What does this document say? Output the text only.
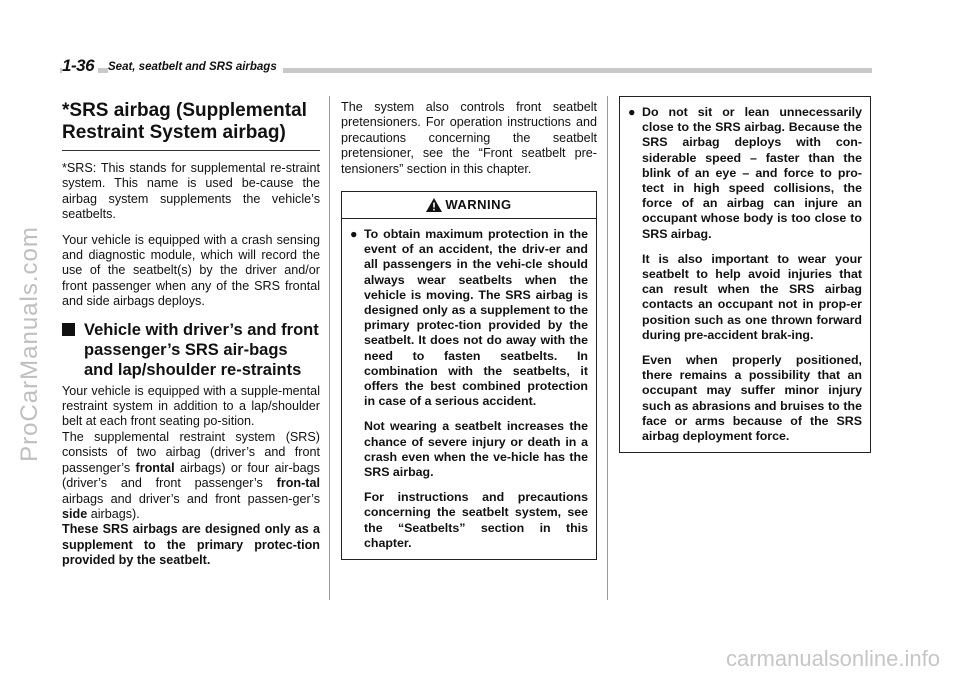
1-36	Seat, seatbelt and SRS airbags
*SRS airbag (Supplemental Restraint System airbag)

*SRS: This stands for supplemental re-straint system. This name is used be-cause the airbag system supplements the vehicle’s seatbelts.

Your vehicle is equipped with a crash sensing and diagnostic module, which will record the use of the seatbelt(s) by the driver and/or front passenger when any of the SRS frontal and side airbags deploys.

Vehicle with driver’s and front passenger’s SRS air-bags and lap/shoulder re-straints

Your vehicle is equipped with a supple-mental restraint system in addition to a lap/shoulder belt at each front seating po-sition.

The supplemental restraint system (SRS) consists of two airbag (driver’s and front passenger’s frontal airbags) or four air-bags (driver’s and front passenger’s fron-tal airbags and driver’s and front passen-ger’s side airbags).

These SRS airbags are designed only as a supplement to the primary protec-tion provided by the seatbelt.

The system also controls front seatbelt pretensioners. For operation instructions and precautions concerning the seatbelt pretensioner, see the “Front seatbelt pre-tensioners” section in this chapter.

WARNING
● To obtain maximum protection in the event of an accident, the driv-er and all passengers in the vehi-cle should always wear seatbelts when the vehicle is moving. The SRS airbag is designed only as a supplement to the primary protec-tion provided by the seatbelt. It does not do away with the need to fasten seatbelts. In combination with the seatbelts, it offers the best combined protection in case of a serious accident.
Not wearing a seatbelt increases the chance of severe injury or death in a crash even when the ve-hicle has the SRS airbag.
For instructions and precautions concerning the seatbelt system, see the “Seatbelts” section in this chapter.
● Do not sit or lean unnecessarily close to the SRS airbag. Because the SRS airbag deploys with con-siderable speed – faster than the blink of an eye – and force to pro-tect in high speed collisions, the force of an airbag can injure an occupant whose body is too close to SRS airbag.
It is also important to wear your seatbelt to help avoid injuries that can result when the SRS airbag contacts an occupant not in prop-er position such as one thrown forward during pre-accident brak-ing.
Even when properly positioned, there remains a possibility that an occupant may suffer minor injury such as abrasions and bruises to the face or arms because of the SRS airbag deployment force.
ProCarManuals.com
carmanualsonline.info
